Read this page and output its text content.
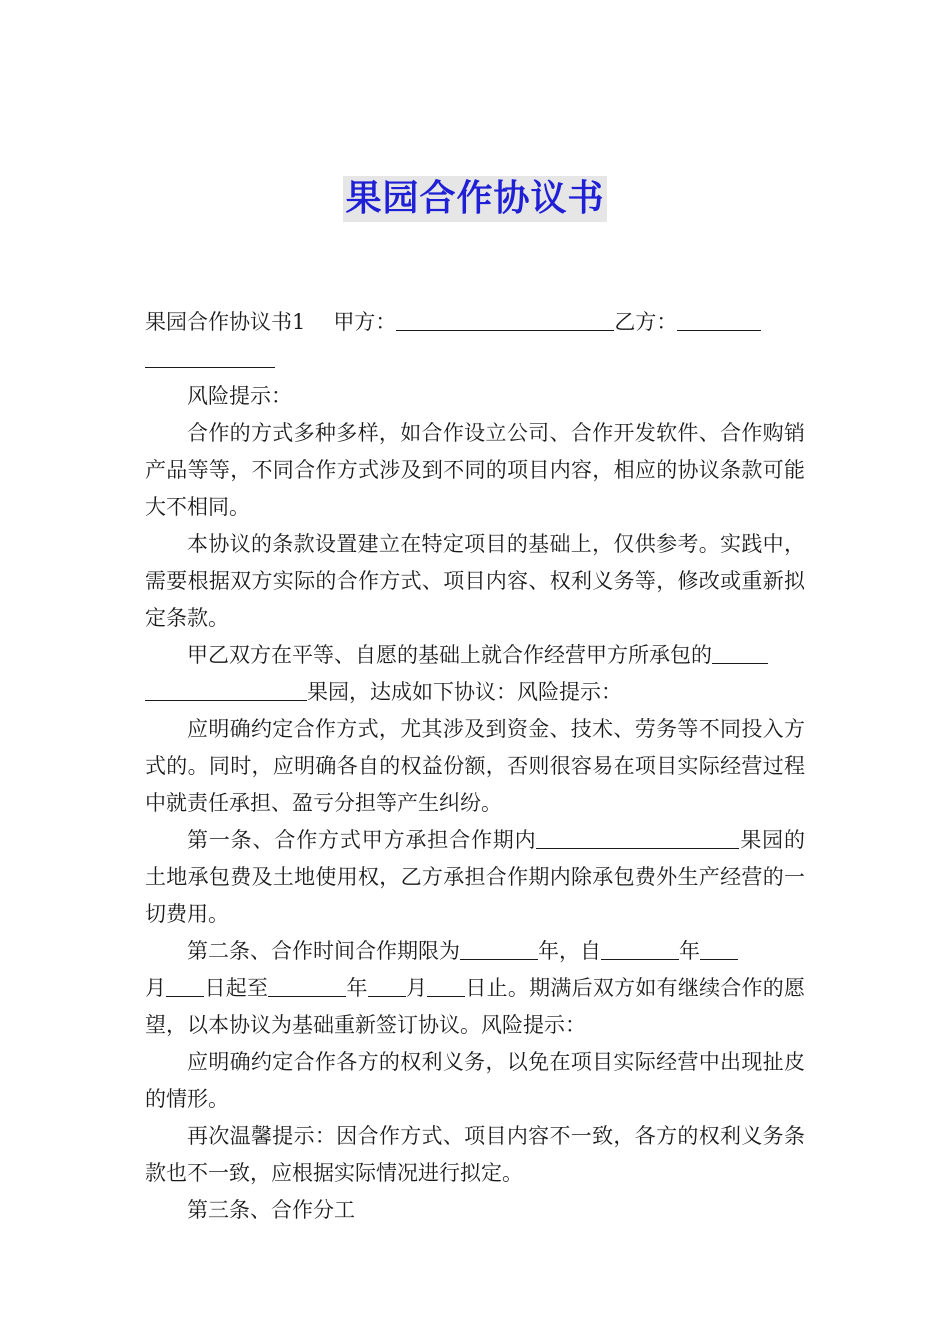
果园合作协议书

果园合作协议书1 甲方：	乙方：

风险提示：

合作的方式多种多样，如合作设立公司、合作开发软件、合作购销产品等等，不同合作方式涉及到不同的项目内容，相应的协议条款可能大不相同。

本协议的条款设置建立在特定项目的基础上，仅供参考。实践中，需要根据双方实际的合作方式、项目内容、权利义务等，修改或重新拟定条款。

甲乙双方在平等、自愿的基础上就合作经营甲方所承包的
果园，达成如下协议：风险提示：

应明确约定合作方式，尤其涉及到资金、技术、劳务等不同投入方式的。同时，应明确各自的权益份额，否则很容易在项目实际经营过程中就责任承担、盈亏分担等产生纠纷。

第一条、合作方式甲方承担合作期内	果园的土地承包费及土地使用权，乙方承担合作期内除承包费外生产经营的一切费用。

第二条、合作时间合作期限为	年，自	年
月 日起至	年 月 日止。期满后双方如有继续合作的愿望，以本协议为基础重新签订协议。风险提示：

应明确约定合作各方的权利义务，以免在项目实际经营中出现扯皮的情形。

再次温馨提示：因合作方式、项目内容不一致，各方的权利义务条款也不一致，应根据实际情况进行拟定。

第三条、合作分工
